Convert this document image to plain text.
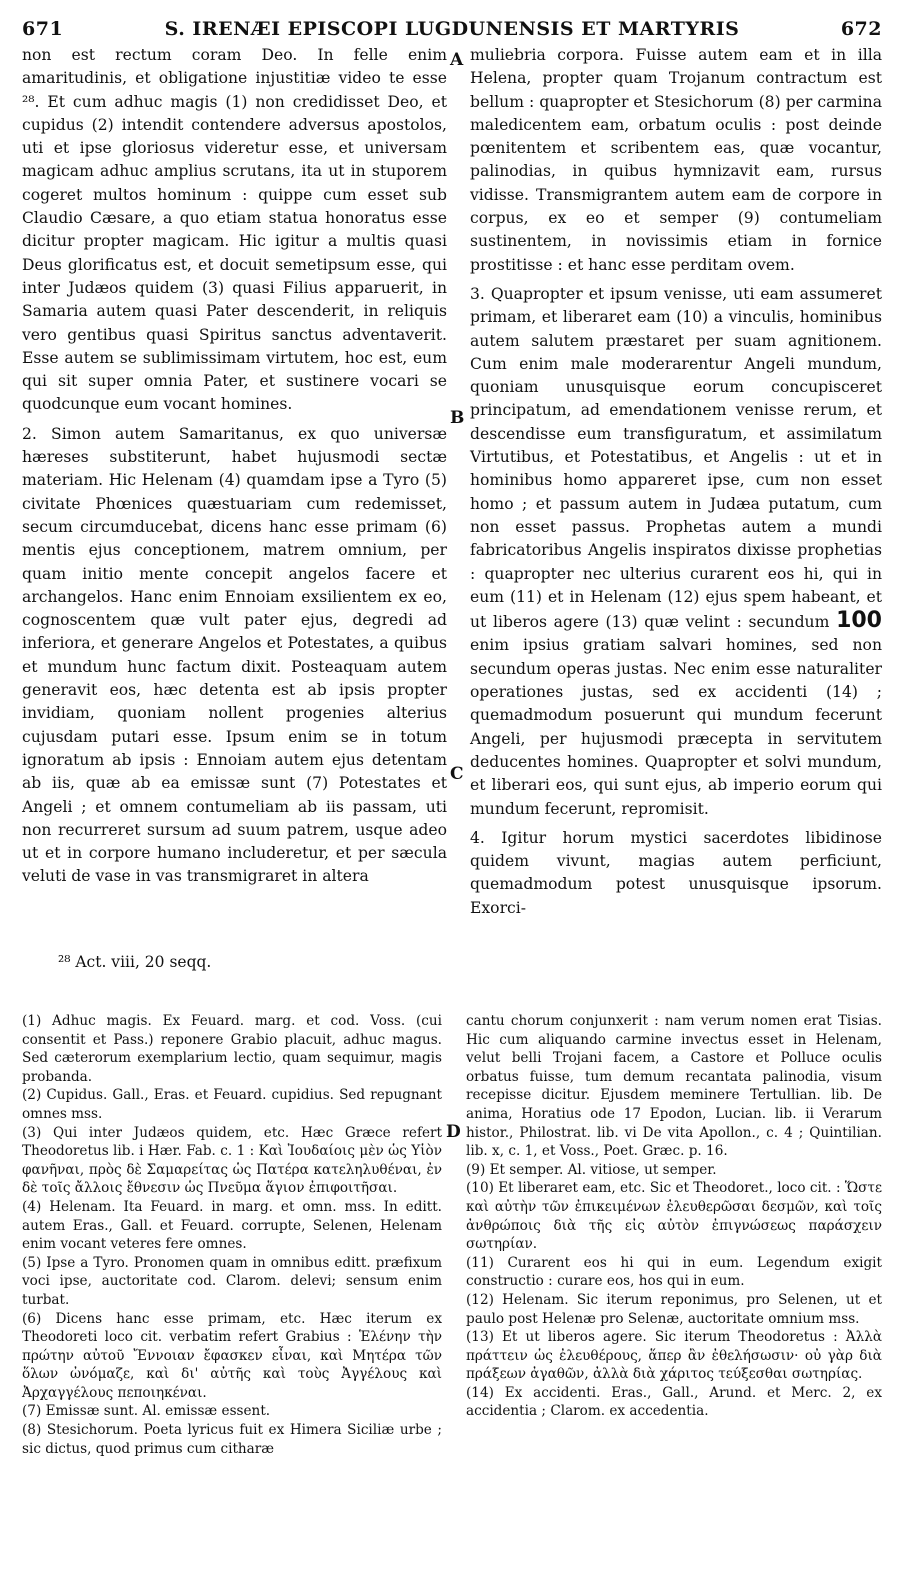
671	S. IRENÆI EPISCOPI LUGDUNENSIS ET MARTYRIS	672
A
B
C
D

non est rectum coram Deo. In felle enim amaritudinis, et obligatione injustitiæ video te esse ²⁸. Et cum adhuc magis (1) non credidisset Deo, et cupidus (2) intendit contendere adversus apostolos, uti et ipse gloriosus videretur esse, et universam magicam adhuc amplius scrutans, ita ut in stuporem cogeret multos hominum : quippe cum esset sub Claudio Cæsare, a quo etiam statua honoratus esse dicitur propter magicam. Hic igitur a multis quasi Deus glorificatus est, et docuit semetipsum esse, qui inter Judæos quidem (3) quasi Filius apparuerit, in Samaria autem quasi Pater descenderit, in reliquis vero gentibus quasi Spiritus sanctus adventaverit. Esse autem se sublimissimam virtutem, hoc est, eum qui sit super omnia Pater, et sustinere vocari se quodcunque eum vocant homines.

2. Simon autem Samaritanus, ex quo universæ hæreses substiterunt, habet hujusmodi sectæ materiam. Hic Helenam (4) quamdam ipse a Tyro (5) civitate Phœnices quæstuariam cum redemisset, secum circumducebat, dicens hanc esse primam (6) mentis ejus conceptionem, matrem omnium, per quam initio mente concepit angelos facere et archangelos. Hanc enim Ennoiam exsilientem ex eo, cognoscentem quæ vult pater ejus, degredi ad inferiora, et generare Angelos et Potestates, a quibus et mundum hunc factum dixit. Posteaquam autem generavit eos, hæc detenta est ab ipsis propter invidiam, quoniam nollent progenies alterius cujusdam putari esse. Ipsum enim se in totum ignoratum ab ipsis : Ennoiam autem ejus detentam ab iis, quæ ab ea emissæ sunt (7) Potestates et Angeli ; et omnem contumeliam ab iis passam, uti non recurreret sursum ad suum patrem, usque adeo ut et in corpore humano includeretur, et per sæcula veluti de vase in vas transmigraret in altera

muliebria corpora. Fuisse autem eam et in illa Helena, propter quam Trojanum contractum est bellum : quapropter et Stesichorum (8) per carmina maledicentem eam, orbatum oculis : post deinde pœnitentem et scribentem eas, quæ vocantur, palinodias, in quibus hymnizavit eam, rursus vidisse. Transmigrantem autem eam de corpore in corpus, ex eo et semper (9) contumeliam sustinentem, in novissimis etiam in fornice prostitisse : et hanc esse perditam ovem.

3. Quapropter et ipsum venisse, uti eam assumeret primam, et liberaret eam (10) a vinculis, hominibus autem salutem præstaret per suam agnitionem. Cum enim male moderarentur Angeli mundum, quoniam unusquisque eorum concupisceret principatum, ad emendationem venisse rerum, et descendisse eum transfiguratum, et assimilatum Virtutibus, et Potestatibus, et Angelis : ut et in hominibus homo appareret ipse, cum non esset homo ; et passum autem in Judæa putatum, cum non esset passus. Prophetas autem a mundi fabricatoribus Angelis inspiratos dixisse prophetias : quapropter nec ulterius curarent eos hi, qui in eum (11) et in Helenam (12) ejus spem habeant, et ut liberos agere (13) quæ velint : secundum 100 enim ipsius gratiam salvari homines, sed non secundum operas justas. Nec enim esse naturaliter operationes justas, sed ex accidenti (14) ; quemadmodum posuerunt qui mundum fecerunt Angeli, per hujusmodi præcepta in servitutem deducentes homines. Quapropter et solvi mundum, et liberari eos, qui sunt ejus, ab imperio eorum qui mundum fecerunt, repromisit.

4. Igitur horum mystici sacerdotes libidinose quidem vivunt, magias autem perficiunt, quemadmodum potest unusquisque ipsorum. Exorci-

²⁸ Act. viii, 20 seqq.

(1) Adhuc magis. Ex Feuard. marg. et cod. Voss. (cui consentit et Pass.) reponere Grabio placuit, adhuc magus. Sed cæterorum exemplarium lectio, quam sequimur, magis probanda.

(2) Cupidus. Gall., Eras. et Feuard. cupidius. Sed repugnant omnes mss.

(3) Qui inter Judæos quidem, etc. Hæc Græce refert Theodoretus lib. i Hær. Fab. c. 1 : Καὶ Ἰουδαίοις μὲν ὡς Υἱὸν φανῆναι, πρὸς δὲ Σαμαρείτας ὡς Πατέρα κατεληλυθέναι, ἐν δὲ τοῖς ἄλλοις ἔθνεσιν ὡς Πνεῦμα ἅγιον ἐπιφοιτῆσαι.

(4) Helenam. Ita Feuard. in marg. et omn. mss. In editt. autem Eras., Gall. et Feuard. corrupte, Selenen, Helenam enim vocant veteres fere omnes.

(5) Ipse a Tyro. Pronomen quam in omnibus editt. præfixum voci ipse, auctoritate cod. Clarom. delevi; sensum enim turbat.

(6) Dicens hanc esse primam, etc. Hæc iterum ex Theodoreti loco cit. verbatim refert Grabius : Ἑλένην τὴν πρώτην αὐτοῦ Ἔννοιαν ἔφασκεν εἶναι, καὶ Μητέρα τῶν ὅλων ὠνόμαζε, καὶ δι' αὐτῆς καὶ τοὺς Ἀγγέλους καὶ Ἀρχαγγέλους πεποιηκέναι.

(7) Emissæ sunt. Al. emissæ essent.

(8) Stesichorum. Poeta lyricus fuit ex Himera Siciliæ urbe ; sic dictus, quod primus cum citharæ

cantu chorum conjunxerit : nam verum nomen erat Tisias. Hic cum aliquando carmine invectus esset in Helenam, velut belli Trojani facem, a Castore et Polluce oculis orbatus fuisse, tum demum recantata palinodia, visum recepisse dicitur. Ejusdem meminere Tertullian. lib. De anima, Horatius ode 17 Epodon, Lucian. lib. ii Verarum histor., Philostrat. lib. vi De vita Apollon., c. 4 ; Quintilian. lib. x, c. 1, et Voss., Poet. Græc. p. 16.

(9) Et semper. Al. vitiose, ut semper.

(10) Et liberaret eam, etc. Sic et Theodoret., loco cit. : Ὥστε καὶ αὐτὴν τῶν ἐπικειμένων ἐλευθερῶσαι δεσμῶν, καὶ τοῖς ἀνθρώποις διὰ τῆς εἰς αὐτὸν ἐπιγνώσεως παράσχειν σωτηρίαν.

(11) Curarent eos hi qui in eum. Legendum exigit constructio : curare eos, hos qui in eum.

(12) Helenam. Sic iterum reponimus, pro Selenen, ut et paulo post Helenæ pro Selenæ, auctoritate omnium mss.

(13) Et ut liberos agere. Sic iterum Theodoretus : Ἀλλὰ πράττειν ὡς ἐλευθέρους, ἅπερ ἂν ἐθελήσωσιν· οὐ γὰρ διὰ πράξεων ἀγαθῶν, ἀλλὰ διὰ χάριτος τεύξεσθαι σωτηρίας.

(14) Ex accidenti. Eras., Gall., Arund. et Merc. 2, ex accidentia ; Clarom. ex accedentia.
